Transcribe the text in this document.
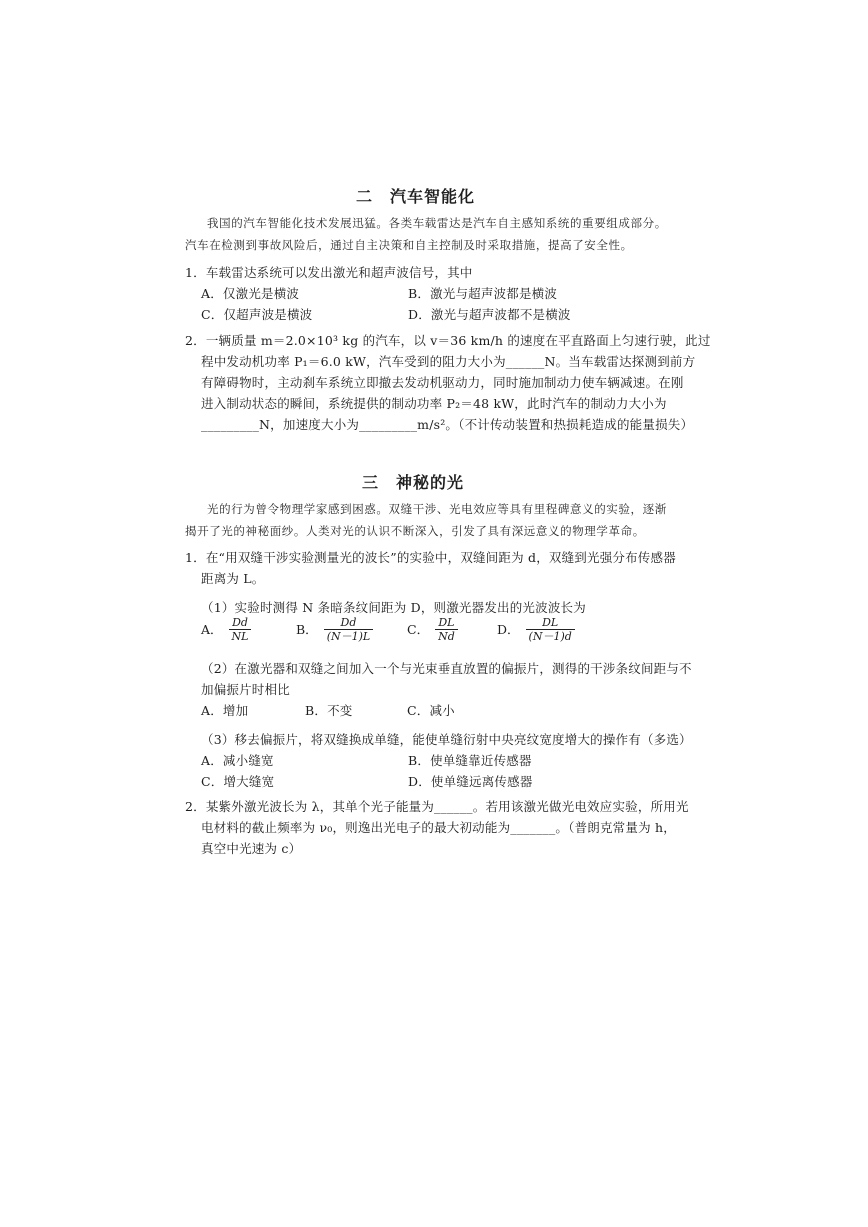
二　汽车智能化
我国的汽车智能化技术发展迅猛。各类车载雷达是汽车自主感知系统的重要组成部分。
汽车在检测到事故风险后，通过自主决策和自主控制及时采取措施，提高了安全性。
1．车载雷达系统可以发出激光和超声波信号，其中
A．仅激光是横波	B．激光与超声波都是横波
C．仅超声波是横波	D．激光与超声波都不是横波
2．一辆质量 m＝2.0×10³ kg 的汽车，以 v＝36 km/h 的速度在平直路面上匀速行驶，此过
程中发动机功率 P₁＝6.0 kW，汽车受到的阻力大小为______N。当车载雷达探测到前方
有障碍物时，主动刹车系统立即撤去发动机驱动力，同时施加制动力使车辆减速。在刚
进入制动状态的瞬间，系统提供的制动功率 P₂＝48 kW，此时汽车的制动力大小为
_________N，加速度大小为_________m/s²。（不计传动装置和热损耗造成的能量损失）
三　神秘的光
光的行为曾令物理学家感到困惑。双缝干涉、光电效应等具有里程碑意义的实验，逐渐
揭开了光的神秘面纱。人类对光的认识不断深入，引发了具有深远意义的物理学革命。
1．在“用双缝干涉实验测量光的波长”的实验中，双缝间距为 d，双缝到光强分布传感器
距离为 L。
（1）实验时测得 N 条暗条纹间距为 D，则激光器发出的光波波长为
A． $\frac{Dd}{NL}$	B． $\frac{Dd}{(N-1)L}$	C． $\frac{DL}{Nd}$	D． $\frac{DL}{(N-1)d}$
（2）在激光器和双缝之间加入一个与光束垂直放置的偏振片，测得的干涉条纹间距与不
加偏振片时相比
A．增加	B．不变	C．减小
（3）移去偏振片，将双缝换成单缝，能使单缝衍射中央亮纹宽度增大的操作有（多选）
A．减小缝宽	B．使单缝靠近传感器
C．增大缝宽	D．使单缝远离传感器
2．某紫外激光波长为 λ，其单个光子能量为______。若用该激光做光电效应实验，所用光
电材料的截止频率为 ν₀，则逸出光电子的最大初动能为_______。（普朗克常量为 h，
真空中光速为 c）
